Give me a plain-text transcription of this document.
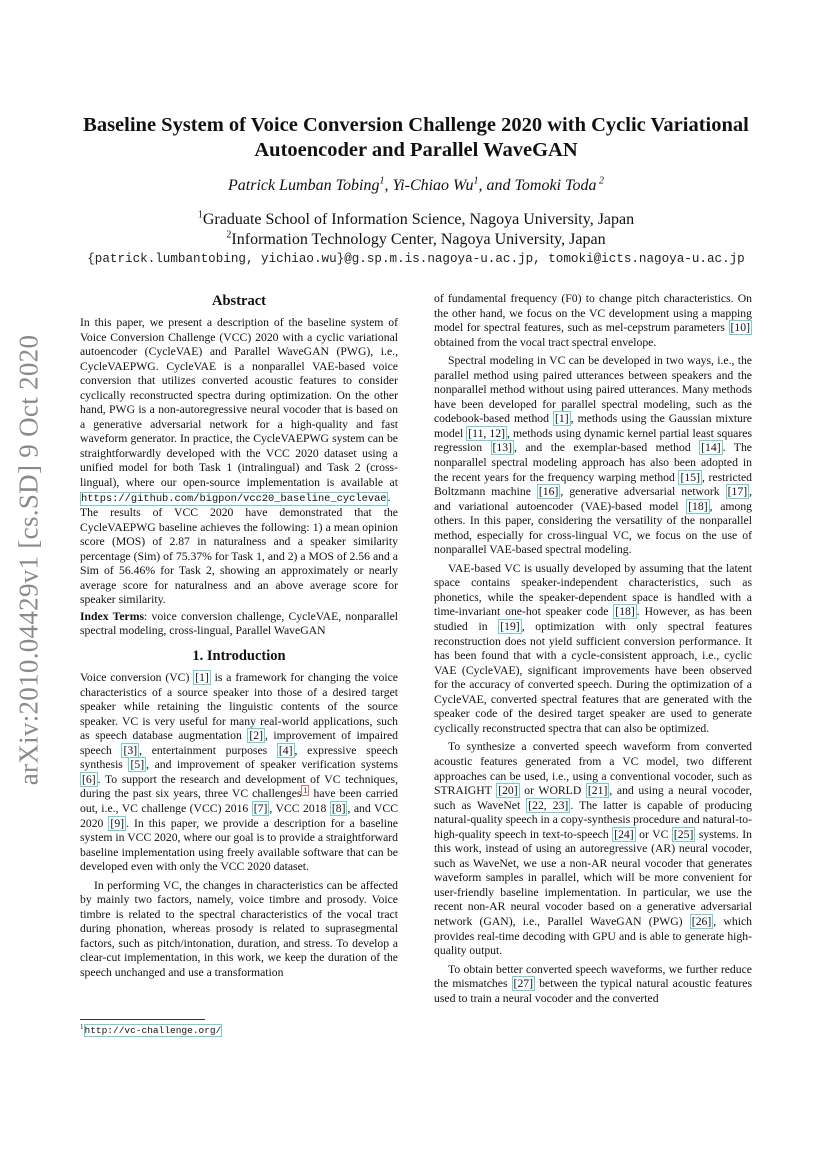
arXiv:2010.04429v1 [cs.SD] 9 Oct 2020
Baseline System of Voice Conversion Challenge 2020 with Cyclic Variational
Autoencoder and Parallel WaveGAN
Patrick Lumban Tobing$^1$, Yi-Chiao Wu$^1$, and Tomoki Toda $^2$
$^1$Graduate School of Information Science, Nagoya University, Japan
$^2$Information Technology Center, Nagoya University, Japan
{patrick.lumbantobing, yichiao.wu}@g.sp.m.is.nagoya-u.ac.jp, tomoki@icts.nagoya-u.ac.jp
Abstract

In this paper, we present a description of the baseline system of Voice Conversion Challenge (VCC) 2020 with a cyclic variational autoencoder (CycleVAE) and Parallel WaveGAN (PWG), i.e., CycleVAEPWG. CycleVAE is a nonparallel VAE-based voice conversion that utilizes converted acoustic features to consider cyclically reconstructed spectra during optimization. On the other hand, PWG is a non-autoregressive neural vocoder that is based on a generative adversarial network for a high-quality and fast waveform generator. In practice, the CycleVAEPWG system can be straightforwardly developed with the VCC 2020 dataset using a unified model for both Task 1 (intralingual) and Task 2 (cross-lingual), where our open-source implementation is available at https://github.com/bigpon/vcc20_baseline_cyclevae. The results of VCC 2020 have demonstrated that the CycleVAEPWG baseline achieves the following: 1) a mean opinion score (MOS) of 2.87 in naturalness and a speaker similarity percentage (Sim) of 75.37% for Task 1, and 2) a MOS of 2.56 and a Sim of 56.46% for Task 2, showing an approximately or nearly average score for naturalness and an above average score for speaker similarity.

Index Terms: voice conversion challenge, CycleVAE, nonparallel spectral modeling, cross-lingual, Parallel WaveGAN

1. Introduction

Voice conversion (VC) [1] is a framework for changing the voice characteristics of a source speaker into those of a desired target speaker while retaining the linguistic contents of the source speaker. VC is very useful for many real-world applications, such as speech database augmentation [2] , improvement of impaired speech [3] , entertainment purposes [4] , expressive speech synthesis [5] , and improvement of speaker verification systems [6] . To support the research and development of VC techniques, during the past six years, three VC challenges $^1$ have been carried out, i.e., VC challenge (VCC) 2016 [7] , VCC 2018 [8] , and VCC 2020 [9] . In this paper, we provide a description for a baseline system in VCC 2020, where our goal is to provide a straightforward baseline implementation using freely available software that can be developed even with only the VCC 2020 dataset.

In performing VC, the changes in characteristics can be affected by mainly two factors, namely, voice timbre and prosody. Voice timbre is related to the spectral characteristics of the vocal tract during phonation, whereas prosody is related to suprasegmental factors, such as pitch/intonation, duration, and stress. To develop a clear-cut implementation, in this work, we keep the duration of the speech unchanged and use a transformation

of fundamental frequency (F0) to change pitch characteristics. On the other hand, we focus on the VC development using a mapping model for spectral features, such as mel-cepstrum parameters [10] obtained from the vocal tract spectral envelope.

Spectral modeling in VC can be developed in two ways, i.e., the parallel method using paired utterances between speakers and the nonparallel method without using paired utterances. Many methods have been developed for parallel spectral modeling, such as the codebook-based method [1] , methods using the Gaussian mixture model [11, 12] , methods using dynamic kernel partial least squares regression [13] , and the exemplar-based method [14] . The nonparallel spectral modeling approach has also been adopted in the recent years for the frequency warping method [15] , restricted Boltzmann machine [16] , generative adversarial network [17] , and variational autoencoder (VAE)-based model [18] , among others. In this paper, considering the versatility of the nonparallel method, especially for cross-lingual VC, we focus on the use of nonparallel VAE-based spectral modeling.

VAE-based VC is usually developed by assuming that the latent space contains speaker-independent characteristics, such as phonetics, while the speaker-dependent space is handled with a time-invariant one-hot speaker code [18] . However, as has been studied in [19] , optimization with only spectral features reconstruction does not yield sufficient conversion performance. It has been found that with a cycle-consistent approach, i.e., cyclic VAE (CycleVAE), significant improvements have been observed for the accuracy of converted speech. During the optimization of a CycleVAE, converted spectral features that are generated with the speaker code of the desired target speaker are used to generate cyclically reconstructed spectra that can also be optimized.

To synthesize a converted speech waveform from converted acoustic features generated from a VC model, two different approaches can be used, i.e., using a conventional vocoder, such as STRAIGHT [20] or WORLD [21] , and using a neural vocoder, such as WaveNet [22, 23] . The latter is capable of producing natural-quality speech in a copy-synthesis procedure and natural-to-high-quality speech in text-to-speech [24] or VC [25] systems. In this work, instead of using an autoregressive (AR) neural vocoder, such as WaveNet, we use a non-AR neural vocoder that generates waveform samples in parallel, which will be more convenient for user-friendly baseline implementation. In particular, we use the recent non-AR neural vocoder based on a generative adversarial network (GAN), i.e., Parallel WaveGAN (PWG) [26] , which provides real-time decoding with GPU and is able to generate high-quality output.

To obtain better converted speech waveforms, we further reduce the mismatches [27] between the typical natural acoustic features used to train a neural vocoder and the converted

$^1$http://vc-challenge.org/
